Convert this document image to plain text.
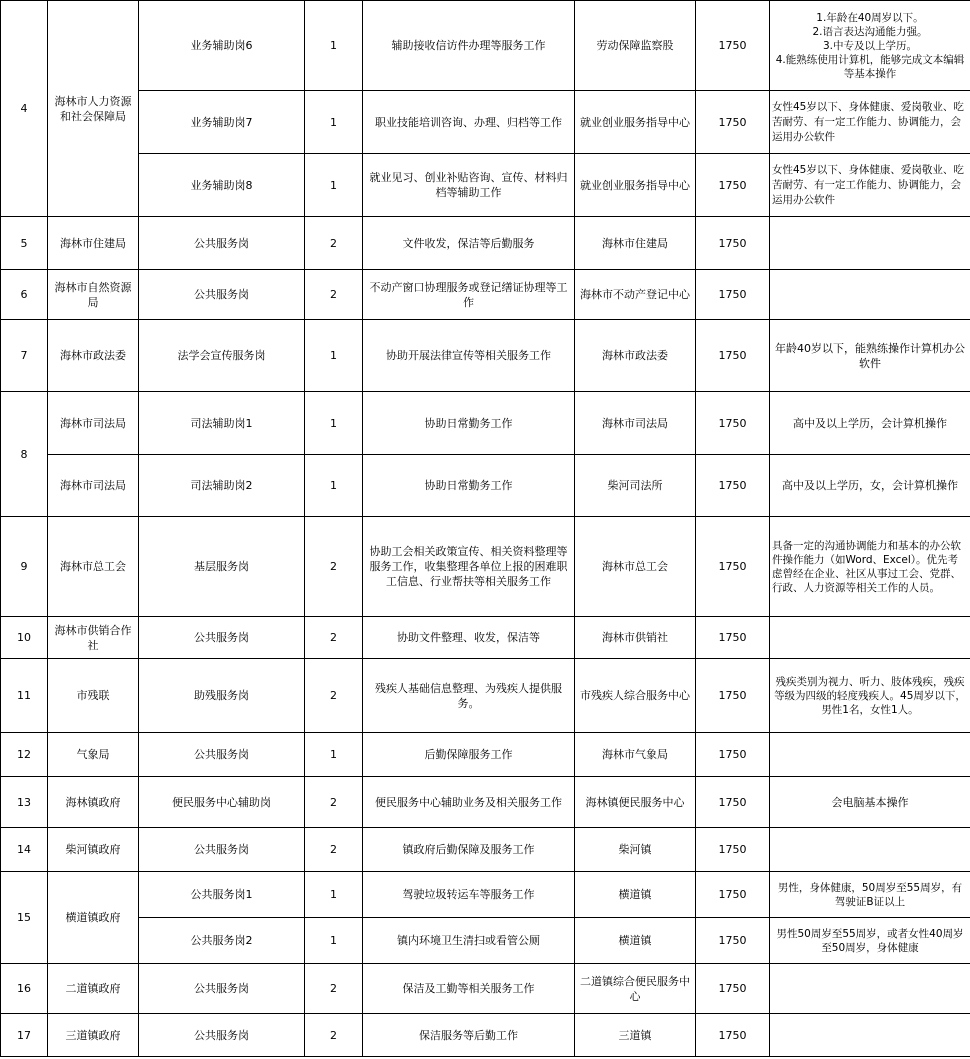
4	海林市人力资源和社会保障局	业务辅助岗6	1	辅助接收信访件办理等服务工作	劳动保障监察股	1750	1.年龄在40周岁以下。
2.语言表达沟通能力强。
3.中专及以上学历。
4.能熟练使用计算机，能够完成文本编辑等基本操作

		业务辅助岗7	1	职业技能培训咨询、办理、归档等工作	就业创业服务指导中心	1750	女性45岁以下、身体健康、爱岗敬业、吃苦耐劳、有一定工作能力、协调能力，会运用办公软件
		业务辅助岗8	1	就业见习、创业补贴咨询、宣传、材料归档等辅助工作	就业创业服务指导中心	1750	女性45岁以下、身体健康、爱岗敬业、吃苦耐劳、有一定工作能力、协调能力，会运用办公软件
5	海林市住建局	公共服务岗	2	文件收发，保洁等后勤服务	海林市住建局	1750	
6	海林市自然资源局	公共服务岗	2	不动产窗口协理服务或登记缮证协理等工作	海林市不动产登记中心	1750	
7	海林市政法委	法学会宣传服务岗	1	协助开展法律宣传等相关服务工作	海林市政法委	1750	年龄40岁以下，能熟练操作计算机办公软件
8	海林市司法局	司法辅助岗1	1	协助日常勤务工作	海林市司法局	1750	高中及以上学历，会计算机操作
	海林市司法局	司法辅助岗2	1	协助日常勤务工作	柴河司法所	1750	高中及以上学历，女，会计算机操作
9	海林市总工会	基层服务岗	2	协助工会相关政策宣传、相关资料整理等服务工作，收集整理各单位上报的困难职工信息、行业帮扶等相关服务工作	海林市总工会	1750	具备一定的沟通协调能力和基本的办公软件操作能力（如Word、Excel）。优先考虑曾经在企业、社区从事过工会、党群、行政、人力资源等相关工作的人员。
10	海林市供销合作社	公共服务岗	2	协助文件整理、收发，保洁等	海林市供销社	1750	
11	市残联	助残服务岗	2	残疾人基础信息整理、为残疾人提供服务。	市残疾人综合服务中心	1750	残疾类别为视力、听力、肢体残疾，残疾等级为四级的轻度残疾人。45周岁以下，男性1名，女性1人。
12	气象局	公共服务岗	1	后勤保障服务工作	海林市气象局	1750	
13	海林镇政府	便民服务中心辅助岗	2	便民服务中心辅助业务及相关服务工作	海林镇便民服务中心	1750	会电脑基本操作
14	柴河镇政府	公共服务岗	2	镇政府后勤保障及服务工作	柴河镇	1750	
15	横道镇政府	公共服务岗1	1	驾驶垃圾转运车等服务工作	横道镇	1750	男性，身体健康，50周岁至55周岁，有驾驶证B证以上
		公共服务岗2	1	镇内环境卫生清扫或看管公厕	横道镇	1750	男性50周岁至55周岁，或者女性40周岁至50周岁，身体健康
16	二道镇政府	公共服务岗	2	保洁及工勤等相关服务工作	二道镇综合便民服务中心	1750	
17	三道镇政府	公共服务岗	2	保洁服务等后勤工作	三道镇	1750	
